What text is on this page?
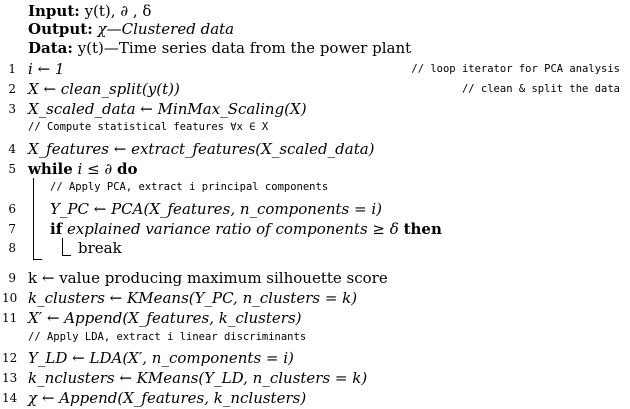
Input: y(t), ∂ , δ
Output: χ—Clustered data
Data: y(t)—Time series data from the power plant
1 i ← 1	// loop iterator for PCA analysis
2 X ← clean_split(y(t))	// clean & split the data
3 X_scaled_data ← MinMax_Scaling(X)
// Compute statistical features ∀x ∈ X
4 X_features ← extract_features(X_scaled_data)
5 while i ≤ ∂ do
// Apply PCA, extract i principal components
6 Y_PC ← PCA(X_features, n_components = i)
7 if explained variance ratio of components ≥ δ then
8	break
9 k ← value producing maximum silhouette score
10 k_clusters ← KMeans(Y_PC, n_clusters = k)
11 X′ ← Append(X_features, k_clusters)
// Apply LDA, extract i linear discriminants
12 Y_LD ← LDA(X′, n_components = i)
13 k_nclusters ← KMeans(Y_LD, n_clusters = k)
14 χ ← Append(X_features, k_nclusters)
